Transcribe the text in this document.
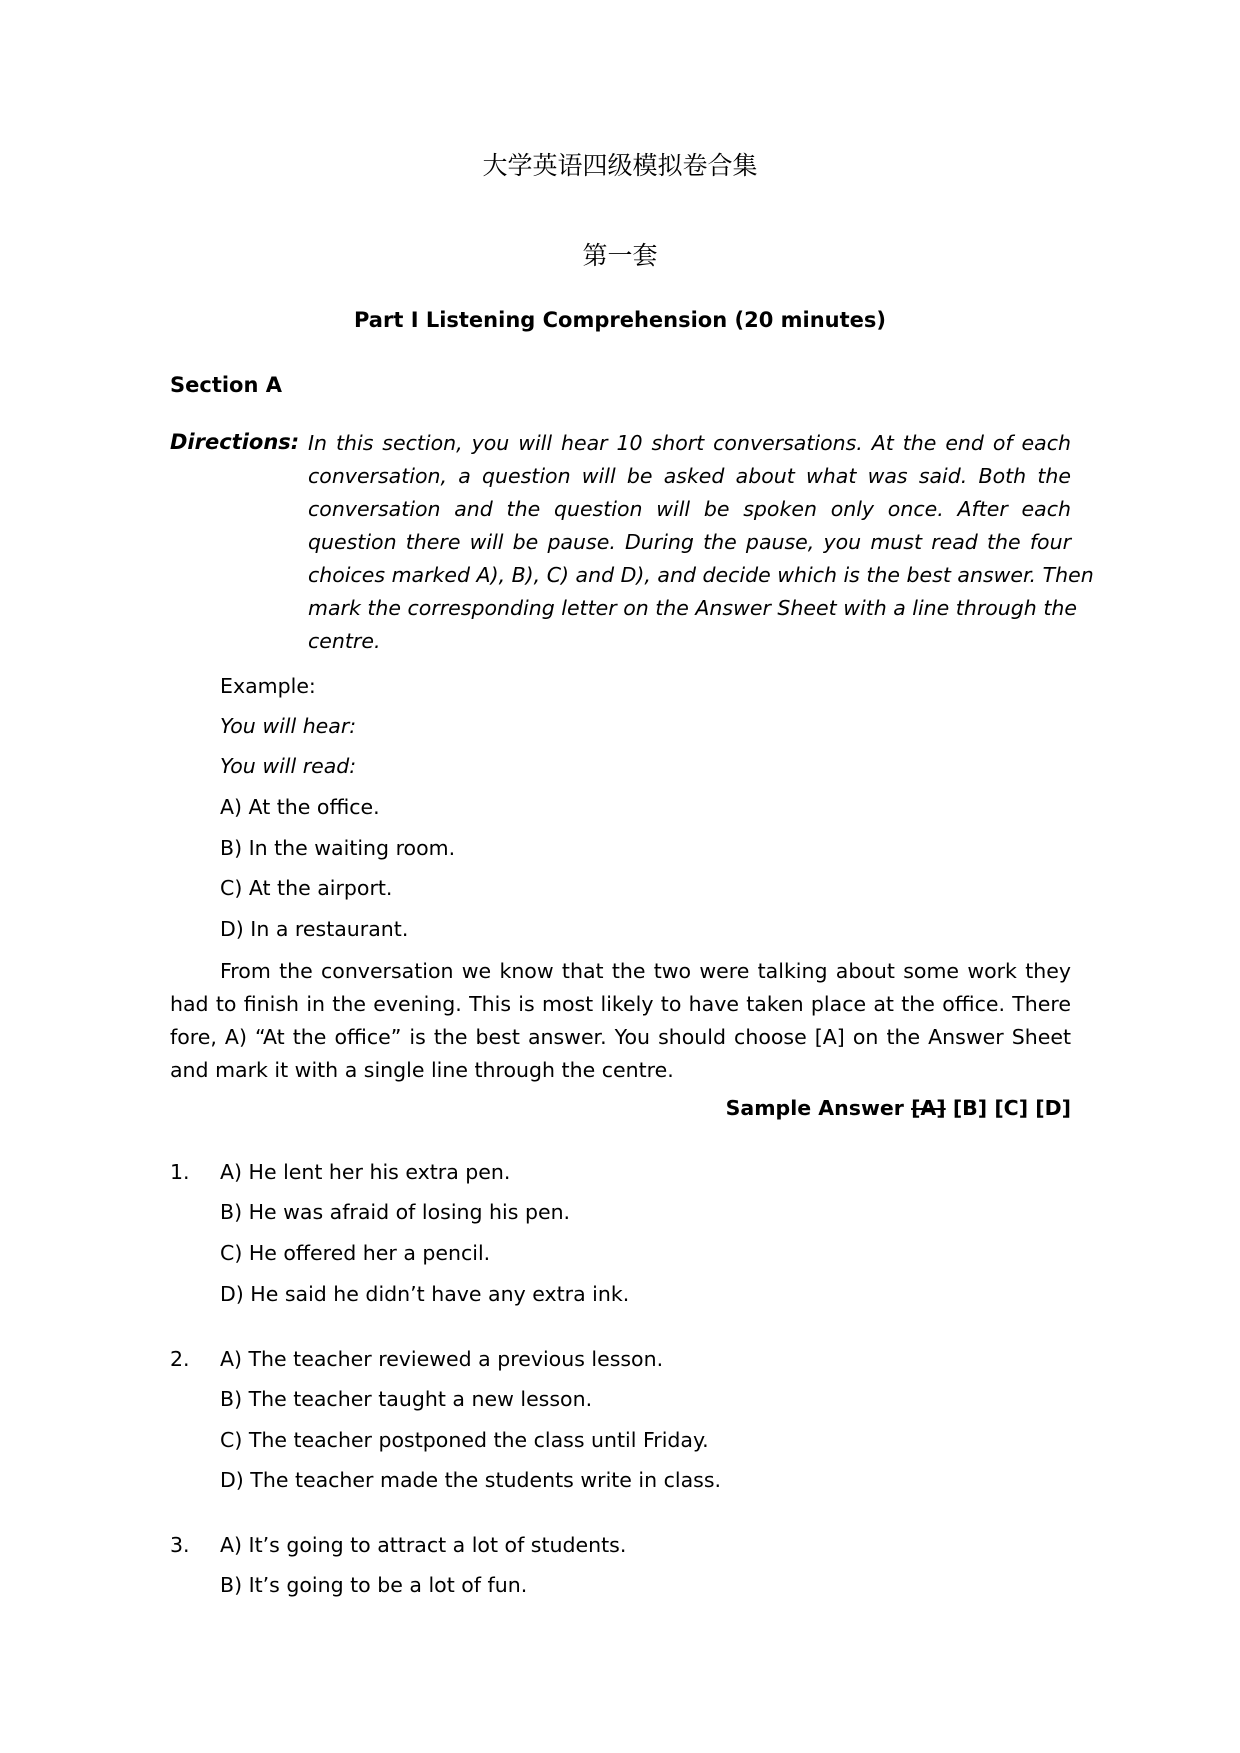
大学英语四级模拟卷合集
第一套
Part I Listening Comprehension (20 minutes)
Section A
Directions: In this section, you will hear 10 short conversations. At the end of each
conversation, a question will be asked about what was said. Both the
conversation and the question will be spoken only once. After each
question there will be pause. During the pause, you must read the four
choices marked A), B), C) and D), and decide which is the best answer. Then
mark the corresponding letter on the Answer Sheet with a line through the
centre.
Example:
You will hear:
You will read:
A) At the office.
B) In the waiting room.
C) At the airport.
D) In a restaurant.
From the conversation we know that the two were talking about some work they
had to finish in the evening. This is most likely to have taken place at the office. There
fore, A) “At the office” is the best answer. You should choose [A] on the Answer Sheet
and mark it with a single line through the centre.
Sample Answer [A] [B] [C] [D]
1. A) He lent her his extra pen.
B) He was afraid of losing his pen.
C) He offered her a pencil.
D) He said he didn’t have any extra ink.
2. A) The teacher reviewed a previous lesson.
B) The teacher taught a new lesson.
C) The teacher postponed the class until Friday.
D) The teacher made the students write in class.
3. A) It’s going to attract a lot of students.
B) It’s going to be a lot of fun.
